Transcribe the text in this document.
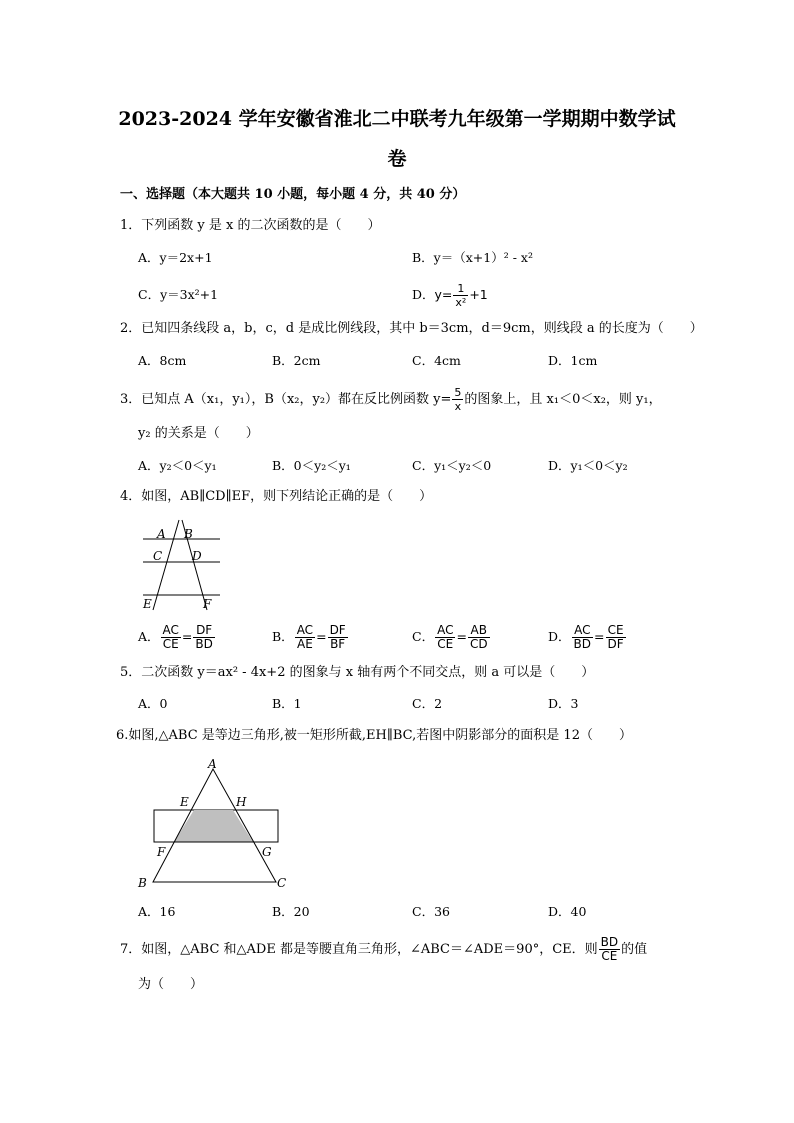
2023-2024 学年安徽省淮北二中联考九年级第一学期期中数学试
卷
一、选择题（本大题共 10 小题，每小题 4 分，共 40 分）
1．下列函数 y 是 x 的二次函数的是（　　）
A．y＝2x+1	B．y＝（x+1）² - x²
C．y＝3x²+1	D．$y= \frac{1}{\text{x²}} +1$
2．已知四条线段 a，b，c，d 是成比例线段，其中 b＝3cm，d＝9cm，则线段 a 的长度为（　　）
A．8cm	B．2cm	C．4cm	D．1cm
3．已知点 A（x₁，y₁），B（x₂，y₂）都在反比例函数 $y= \frac{5}{x}$ 的图象上，且 x₁＜0＜x₂，则 y₁，
y₂ 的关系是（　　）
A．y₂＜0＜y₁	B．0＜y₂＜y₁	C．y₁＜y₂＜0	D．y₁＜0＜y₂
4．如图，AB∥CD∥EF，则下列结论正确的是（　　）
A B
C D
E	F
A． $\frac{AC}{CE} = \frac{DF}{BD}$	B． $\frac{AC}{AE} = \frac{DF}{BF}$	C． $\frac{AC}{CE} = \frac{AB}{CD}$	D． $\frac{AC}{BD} = \frac{CE}{DF}$
5．二次函数 y＝ax² - 4x+2 的图象与 x 轴有两个不同交点，则 a 可以是（　　）
A．0	B．1	C．2	D．3
6.如图,△ABC 是等边三角形,被一矩形所截,EH∥BC,若图中阴影部分的面积是 12（　　）
A
E	H
F	G
B	C
A．16	B．20	C．36	D．40
7．如图，△ABC 和△ADE 都是等腰直角三角形，∠ABC＝∠ADE＝90°，CE．则 $\frac{BD}{CE}$ 的值
为（　　）
